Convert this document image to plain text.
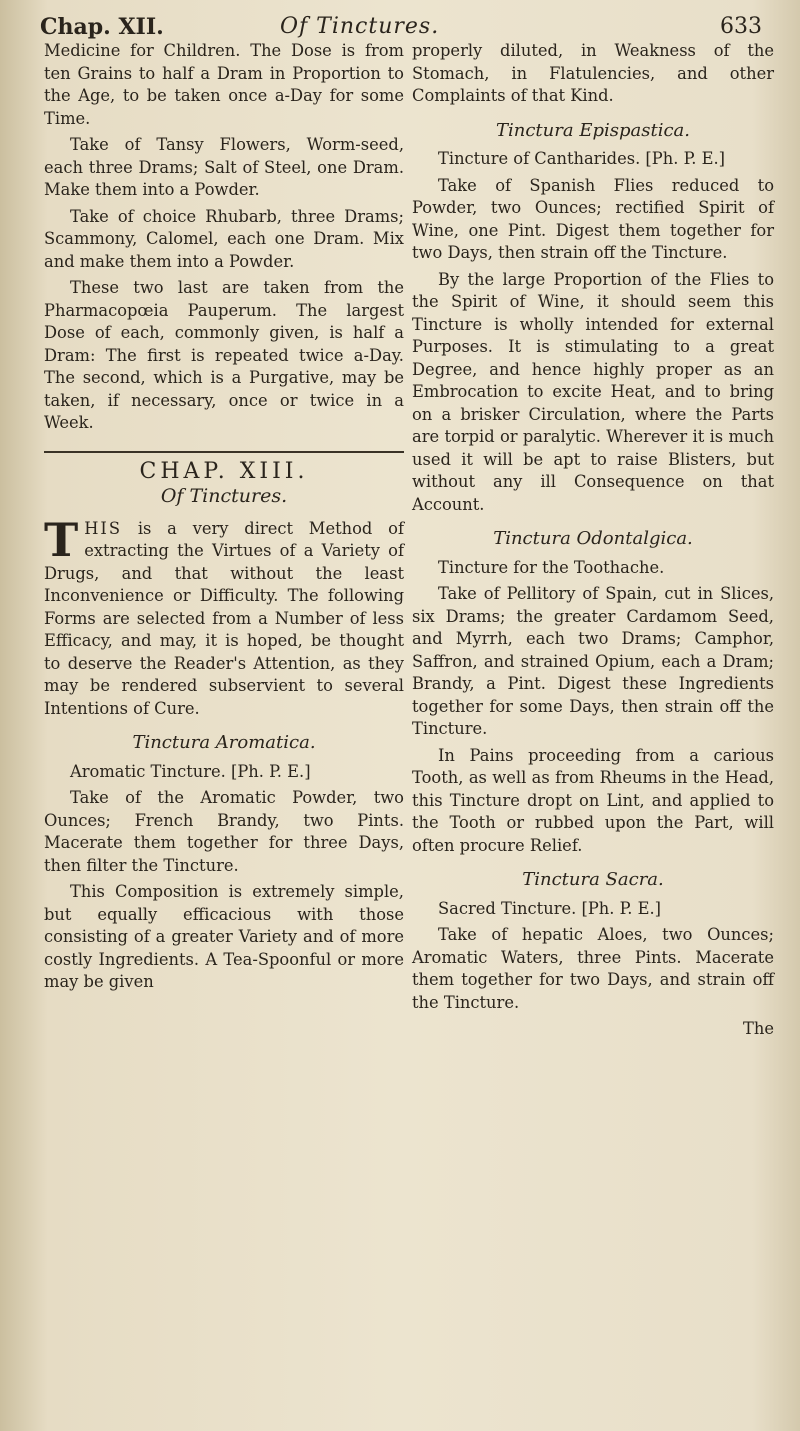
Chap. XII.	Of Tinctures.	633

Medicine for Children. The Dose is from ten Grains to half a Dram in Proportion to the Age, to be taken once a-Day for some Time.

Take of Tansy Flowers, Worm-seed, each three Drams; Salt of Steel, one Dram. Make them into a Powder.

Take of choice Rhubarb, three Drams; Scammony, Calomel, each one Dram. Mix and make them into a Powder.

These two last are taken from the Pharmacopœia Pauperum. The largest Dose of each, commonly given, is half a Dram: The first is repeated twice a-Day. The second, which is a Purgative, may be taken, if necessary, once or twice in a Week.

CHAP. XIII.
Of Tinctures.

THIS is a very direct Method of extracting the Virtues of a Variety of Drugs, and that without the least Inconvenience or Difficulty. The following Forms are selected from a Number of less Efficacy, and may, it is hoped, be thought to deserve the Reader's Attention, as they may be rendered subservient to several Intentions of Cure.

Tinctura Aromatica.

Aromatic Tincture. [Ph. P. E.]

Take of the Aromatic Powder, two Ounces; French Brandy, two Pints. Macerate them together for three Days, then filter the Tincture.

This Composition is extremely simple, but equally efficacious with those consisting of a greater Variety and of more costly Ingredients. A Tea-Spoonful or more may be given

properly diluted, in Weakness of the Stomach, in Flatulencies, and other Complaints of that Kind.

Tinctura Epispastica.

Tincture of Cantharides. [Ph. P. E.]

Take of Spanish Flies reduced to Powder, two Ounces; rectified Spirit of Wine, one Pint. Digest them together for two Days, then strain off the Tincture.

By the large Proportion of the Flies to the Spirit of Wine, it should seem this Tincture is wholly intended for external Purposes. It is stimulating to a great Degree, and hence highly proper as an Embrocation to excite Heat, and to bring on a brisker Circulation, where the Parts are torpid or paralytic. Wherever it is much used it will be apt to raise Blisters, but without any ill Consequence on that Account.

Tinctura Odontalgica.

Tincture for the Toothache.

Take of Pellitory of Spain, cut in Slices, six Drams; the greater Cardamom Seed, and Myrrh, each two Drams; Camphor, Saffron, and strained Opium, each a Dram; Brandy, a Pint. Digest these Ingredients together for some Days, then strain off the Tincture.

In Pains proceeding from a carious Tooth, as well as from Rheums in the Head, this Tincture dropt on Lint, and applied to the Tooth or rubbed upon the Part, will often procure Relief.

Tinctura Sacra.

Sacred Tincture. [Ph. P. E.]

Take of hepatic Aloes, two Ounces; Aromatic Waters, three Pints. Macerate them together for two Days, and strain off the Tincture.

The
